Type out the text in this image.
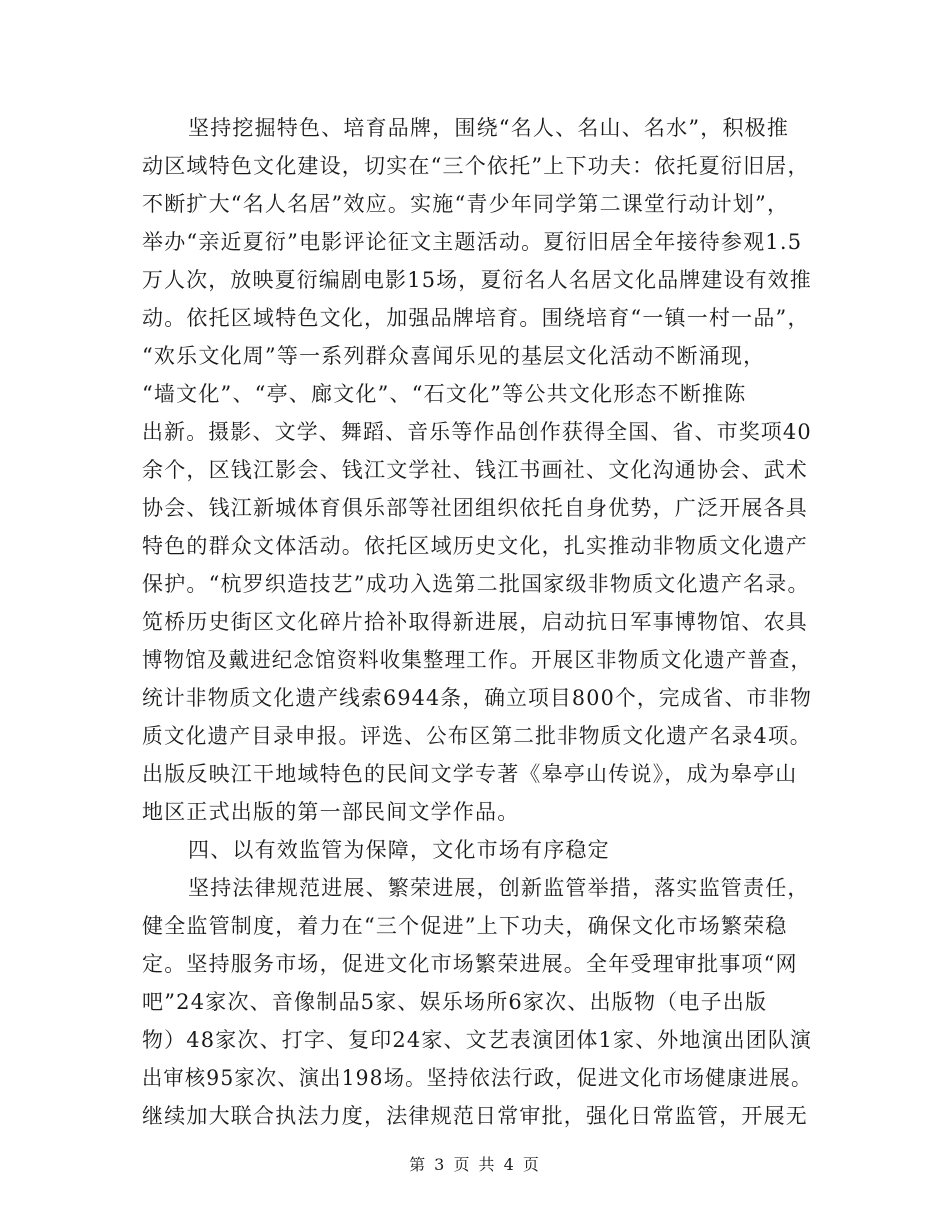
坚持挖掘特色、培育品牌，围绕“名人、名山、名水”，积极推
动区域特色文化建设，切实在“三个依托”上下功夫：依托夏衍旧居，
不断扩大“名人名居”效应。实施“青少年同学第二课堂行动计划”，
举办“亲近夏衍”电影评论征文主题活动。夏衍旧居全年接待参观1.5
万人次，放映夏衍编剧电影15场，夏衍名人名居文化品牌建设有效推
动。依托区域特色文化，加强品牌培育。围绕培育“一镇一村一品”，
“欢乐文化周”等一系列群众喜闻乐见的基层文化活动不断涌现，
“墙文化”、“亭、廊文化”、“石文化”等公共文化形态不断推陈
出新。摄影、文学、舞蹈、音乐等作品创作获得全国、省、市奖项40
余个，区钱江影会、钱江文学社、钱江书画社、文化沟通协会、武术
协会、钱江新城体育俱乐部等社团组织依托自身优势，广泛开展各具
特色的群众文体活动。依托区域历史文化，扎实推动非物质文化遗产
保护。“杭罗织造技艺”成功入选第二批国家级非物质文化遗产名录。
笕桥历史街区文化碎片拾补取得新进展，启动抗日军事博物馆、农具
博物馆及戴进纪念馆资料收集整理工作。开展区非物质文化遗产普查，
统计非物质文化遗产线索6944条，确立项目800个，完成省、市非物
质文化遗产目录申报。评选、公布区第二批非物质文化遗产名录4项。
出版反映江干地域特色的民间文学专著《皋亭山传说》，成为皋亭山
地区正式出版的第一部民间文学作品。
四、以有效监管为保障，文化市场有序稳定
坚持法律规范进展、繁荣进展，创新监管举措，落实监管责任，
健全监管制度，着力在“三个促进”上下功夫，确保文化市场繁荣稳
定。坚持服务市场，促进文化市场繁荣进展。全年受理审批事项“网
吧”24家次、音像制品5家、娱乐场所6家次、出版物（电子出版
物）48家次、打字、复印24家、文艺表演团体1家、外地演出团队演
出审核95家次、演出198场。坚持依法行政，促进文化市场健康进展。
继续加大联合执法力度，法律规范日常审批，强化日常监管，开展无
第 3 页 共 4 页
